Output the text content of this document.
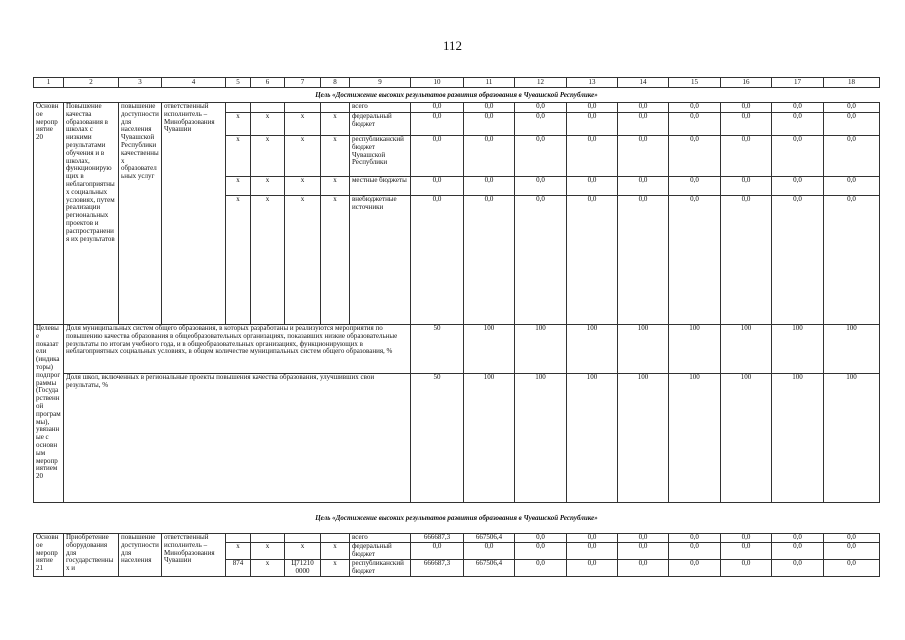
112
1	2	3	4	5	6	7	8	9	10	11	12	13	14	15	16	17	18
Цель «Достижение высоких результатов развития образования в Чувашской Республике»																	
Основное мероприятие 20	Повышение качества образования в школах с низкими результатами обучения и в школах, функционирующих в неблагоприятных социальных условиях, путем реализации региональных проектов и распространения их результатов	повышение доступности для населения Чувашской Республики качественных образовательных услуг	ответственный исполнитель – Минобразования Чувашии					всего	0,0	0,0	0,0	0,0	0,0	0,0	0,0	0,0	0,0
				x	x	x	x	федеральный бюджет	0,0	0,0	0,0	0,0	0,0	0,0	0,0	0,0	0,0
				x	x	x	x	республиканский бюджет Чувашской Республики	0,0	0,0	0,0	0,0	0,0	0,0	0,0	0,0	0,0
				x	x	x	x	местные бюджеты	0,0	0,0	0,0	0,0	0,0	0,0	0,0	0,0	0,0
				x	x	x	x	внебюджетные источники	0,0	0,0	0,0	0,0	0,0	0,0	0,0	0,0	0,0
Целевые показатели (индикаторы) подпрограммы (Государственной программы), увязанные с основным мероприятием 20	Доля муниципальных систем общего образования, в которых разработаны и реализуются мероприятия по повышению качества образования в общеобразовательных организациях, показавших низкие образовательные результаты по итогам учебного года, и в общеобразовательных организациях, функционирующих в неблагоприятных социальных условиях, в общем количестве муниципальных систем общего образования, %								50	100	100	100	100	100	100	100	100
	Доля школ, включенных в региональные проекты повышения качества образования, улучшивших свои результаты, %								50	100	100	100	100	100	100	100	100
Цель «Достижение высоких результатов развития образования в Чувашской Республике»																	
Основное мероприятие 21	Приобретение оборудования для государственных и	повышение доступности для населения	ответственный исполнитель – Минобразования Чувашии					всего	666687,3	667506,4	0,0	0,0	0,0	0,0	0,0	0,0	0,0
				x	x	x	x	федеральный бюджет	0,0	0,0	0,0	0,0	0,0	0,0	0,0	0,0	0,0
				874	x	Ц71210 0000	x	республиканский бюджет	666687,3	667506,4	0,0	0,0	0,0	0,0	0,0	0,0	0,0
